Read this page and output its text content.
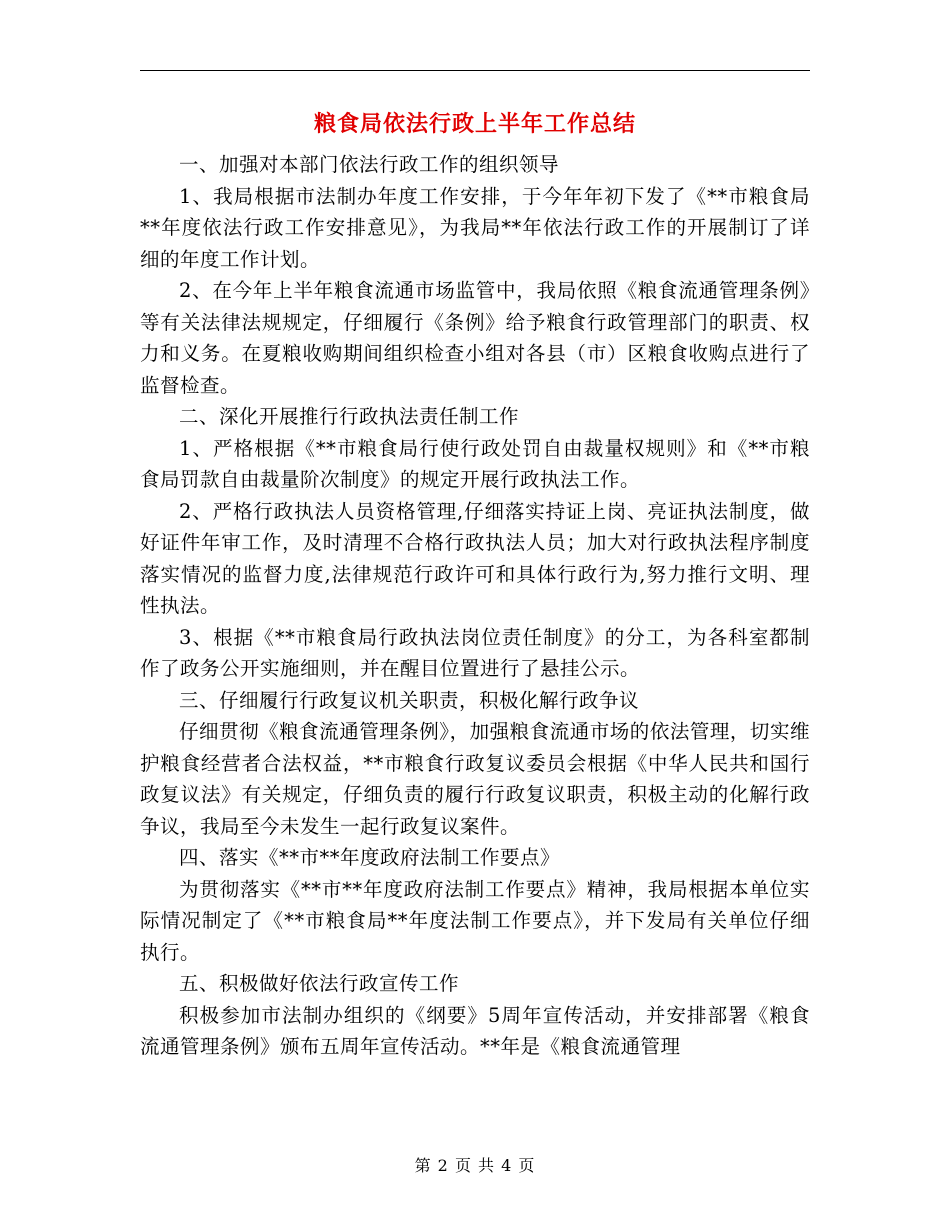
粮食局依法行政上半年工作总结

一、加强对本部门依法行政工作的组织领导

1、我局根据市法制办年度工作安排，于今年年初下发了《**市粮食局**年度依法行政工作安排意见》，为我局**年依法行政工作的开展制订了详细的年度工作计划。

2、在今年上半年粮食流通市场监管中，我局依照《粮食流通管理条例》等有关法律法规规定，仔细履行《条例》给予粮食行政管理部门的职责、权力和义务。在夏粮收购期间组织检查小组对各县（市）区粮食收购点进行了监督检查。

二、深化开展推行行政执法责任制工作

1、严格根据《**市粮食局行使行政处罚自由裁量权规则》和《**市粮食局罚款自由裁量阶次制度》的规定开展行政执法工作。

2、严格行政执法人员资格管理,仔细落实持证上岗、亮证执法制度，做好证件年审工作，及时清理不合格行政执法人员；加大对行政执法程序制度落实情况的监督力度,法律规范行政许可和具体行政行为,努力推行文明、理性执法。

3、根据《**市粮食局行政执法岗位责任制度》的分工，为各科室都制作了政务公开实施细则，并在醒目位置进行了悬挂公示。

三、仔细履行行政复议机关职责，积极化解行政争议

仔细贯彻《粮食流通管理条例》，加强粮食流通市场的依法管理，切实维护粮食经营者合法权益，**市粮食行政复议委员会根据《中华人民共和国行政复议法》有关规定，仔细负责的履行行政复议职责，积极主动的化解行政争议，我局至今未发生一起行政复议案件。

四、落实《**市**年度政府法制工作要点》

为贯彻落实《**市**年度政府法制工作要点》精神，我局根据本单位实际情况制定了《**市粮食局**年度法制工作要点》，并下发局有关单位仔细执行。

五、积极做好依法行政宣传工作

积极参加市法制办组织的《纲要》5周年宣传活动，并安排部署《粮食流通管理条例》颁布五周年宣传活动。**年是《粮食流通管理

第 2 页 共 4 页
